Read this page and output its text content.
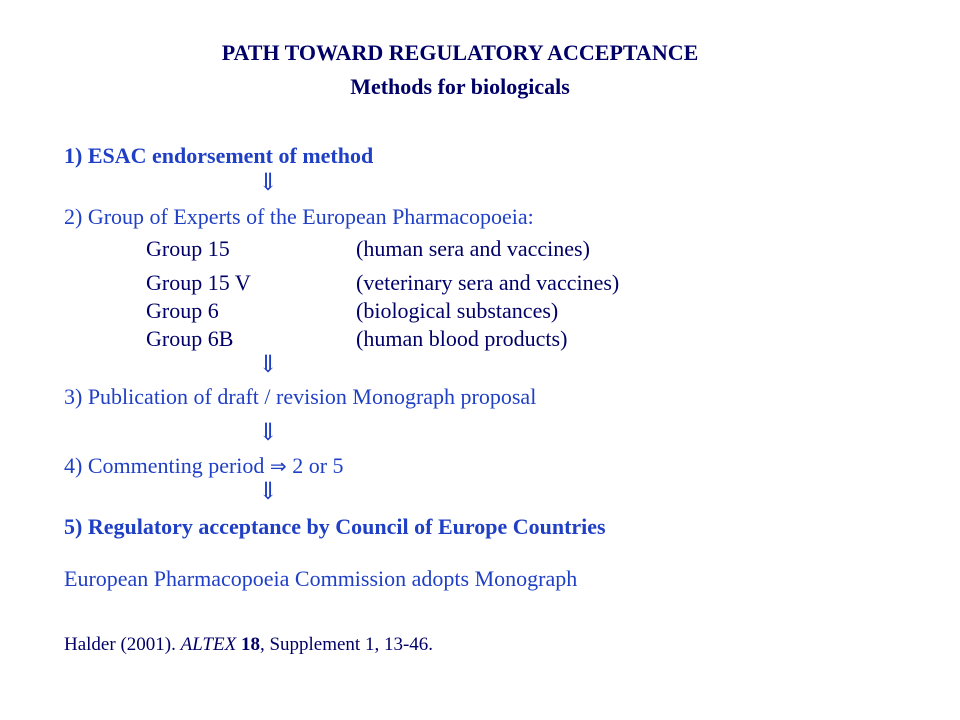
PATH TOWARD REGULATORY ACCEPTANCE
Methods for biologicals
1) ESAC endorsement of method
⇓
2) Group of Experts of the European Pharmacopoeia:
Group 15	(human sera and vaccines)
Group 15 V	(veterinary sera and vaccines)
Group 6	(biological substances)
Group 6B	(human blood products)
⇓
3) Publication of draft / revision Monograph proposal
⇓
4) Commenting period ⇒ 2 or 5
⇓
5) Regulatory acceptance by Council of Europe Countries
European Pharmacopoeia Commission adopts Monograph
Halder (2001). ALTEX 18, Supplement 1, 13-46.
